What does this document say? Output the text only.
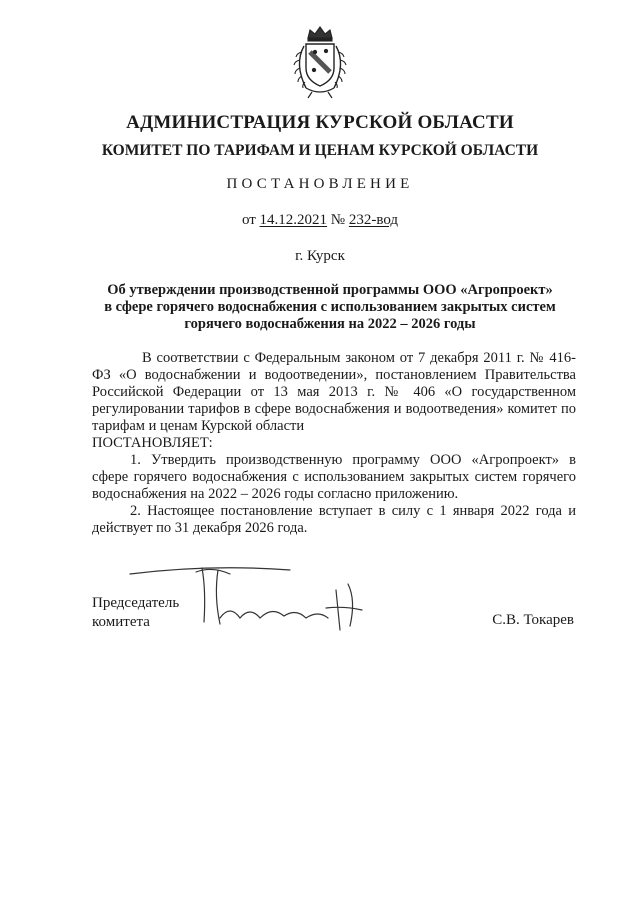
АДМИНИСТРАЦИЯ КУРСКОЙ ОБЛАСТИ
КОМИТЕТ ПО ТАРИФАМ И ЦЕНАМ КУРСКОЙ ОБЛАСТИ
ПОСТАНОВЛЕНИЕ
от 14.12.2021 № 232-вод
г. Курск
Об утверждении производственной программы ООО «Агропроект»
в сфере горячего водоснабжения с использованием закрытых систем
горячего водоснабжения на 2022 – 2026 годы

В соответствии с Федеральным законом от 7 декабря 2011 г. № 416-ФЗ «О водоснабжении и водоотведении», постановлением Правительства Российской Федерации от 13 мая 2013 г. № 406 «О государственном регулировании тарифов в сфере водоснабжения и водоотведения» комитет по тарифам и ценам Курской области

ПОСТАНОВЛЯЕТ:

1. Утвердить производственную программу ООО «Агропроект» в сфере горячего водоснабжения с использованием закрытых систем горячего водоснабжения на 2022 – 2026 годы согласно приложению.

2. Настоящее постановление вступает в силу с 1 января 2022 года и действует по 31 декабря 2026 года.

Председатель
комитета	С.В. Токарев
